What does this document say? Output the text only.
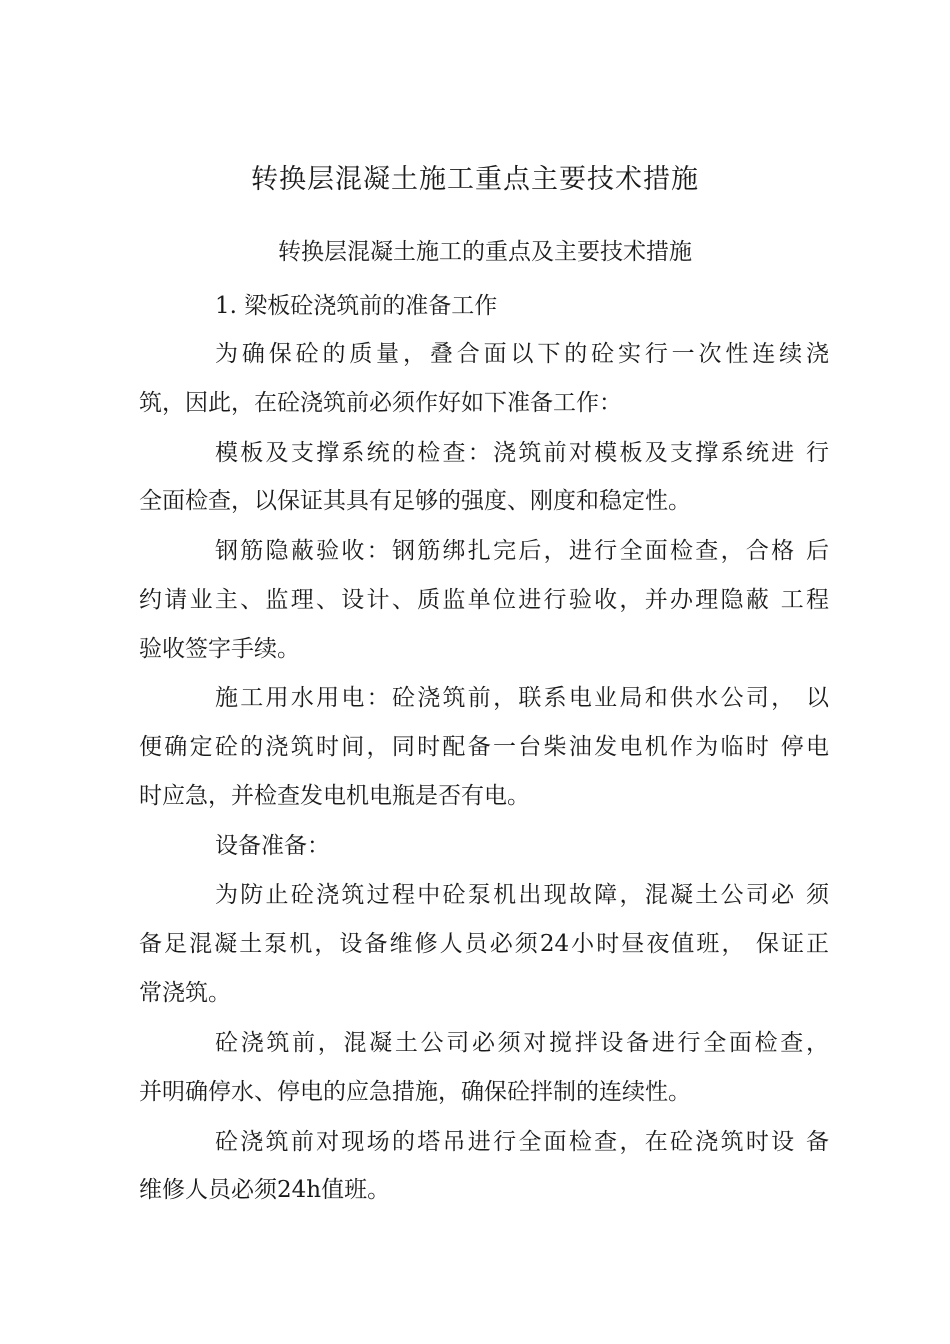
转换层混凝土施工重点主要技术措施
转换层混凝土施工的重点及主要技术措施
1. 梁板砼浇筑前的准备工作
为确保砼的质量，叠合面以下的砼实行一次性连续浇
筑，因此，在砼浇筑前必须作好如下准备工作：
模板及支撑系统的检查：浇筑前对模板及支撑系统进 行
全面检查，以保证其具有足够的强度、刚度和稳定性。
钢筋隐蔽验收：钢筋绑扎完后，进行全面检查，合格 后
约请业主、监理、设计、质监单位进行验收，并办理隐蔽 工程
验收签字手续。
施工用水用电：砼浇筑前，联系电业局和供水公司， 以
便确定砼的浇筑时间，同时配备一台柴油发电机作为临时 停电
时应急，并检查发电机电瓶是否有电。
设备准备：
为防止砼浇筑过程中砼泵机出现故障，混凝土公司必 须
备足混凝土泵机，设备维修人员必须24小时昼夜值班， 保证正
常浇筑。
砼浇筑前，混凝土公司必须对搅拌设备进行全面检查，
并明确停水、停电的应急措施，确保砼拌制的连续性。
砼浇筑前对现场的塔吊进行全面检查，在砼浇筑时设 备
维修人员必须24h值班。
